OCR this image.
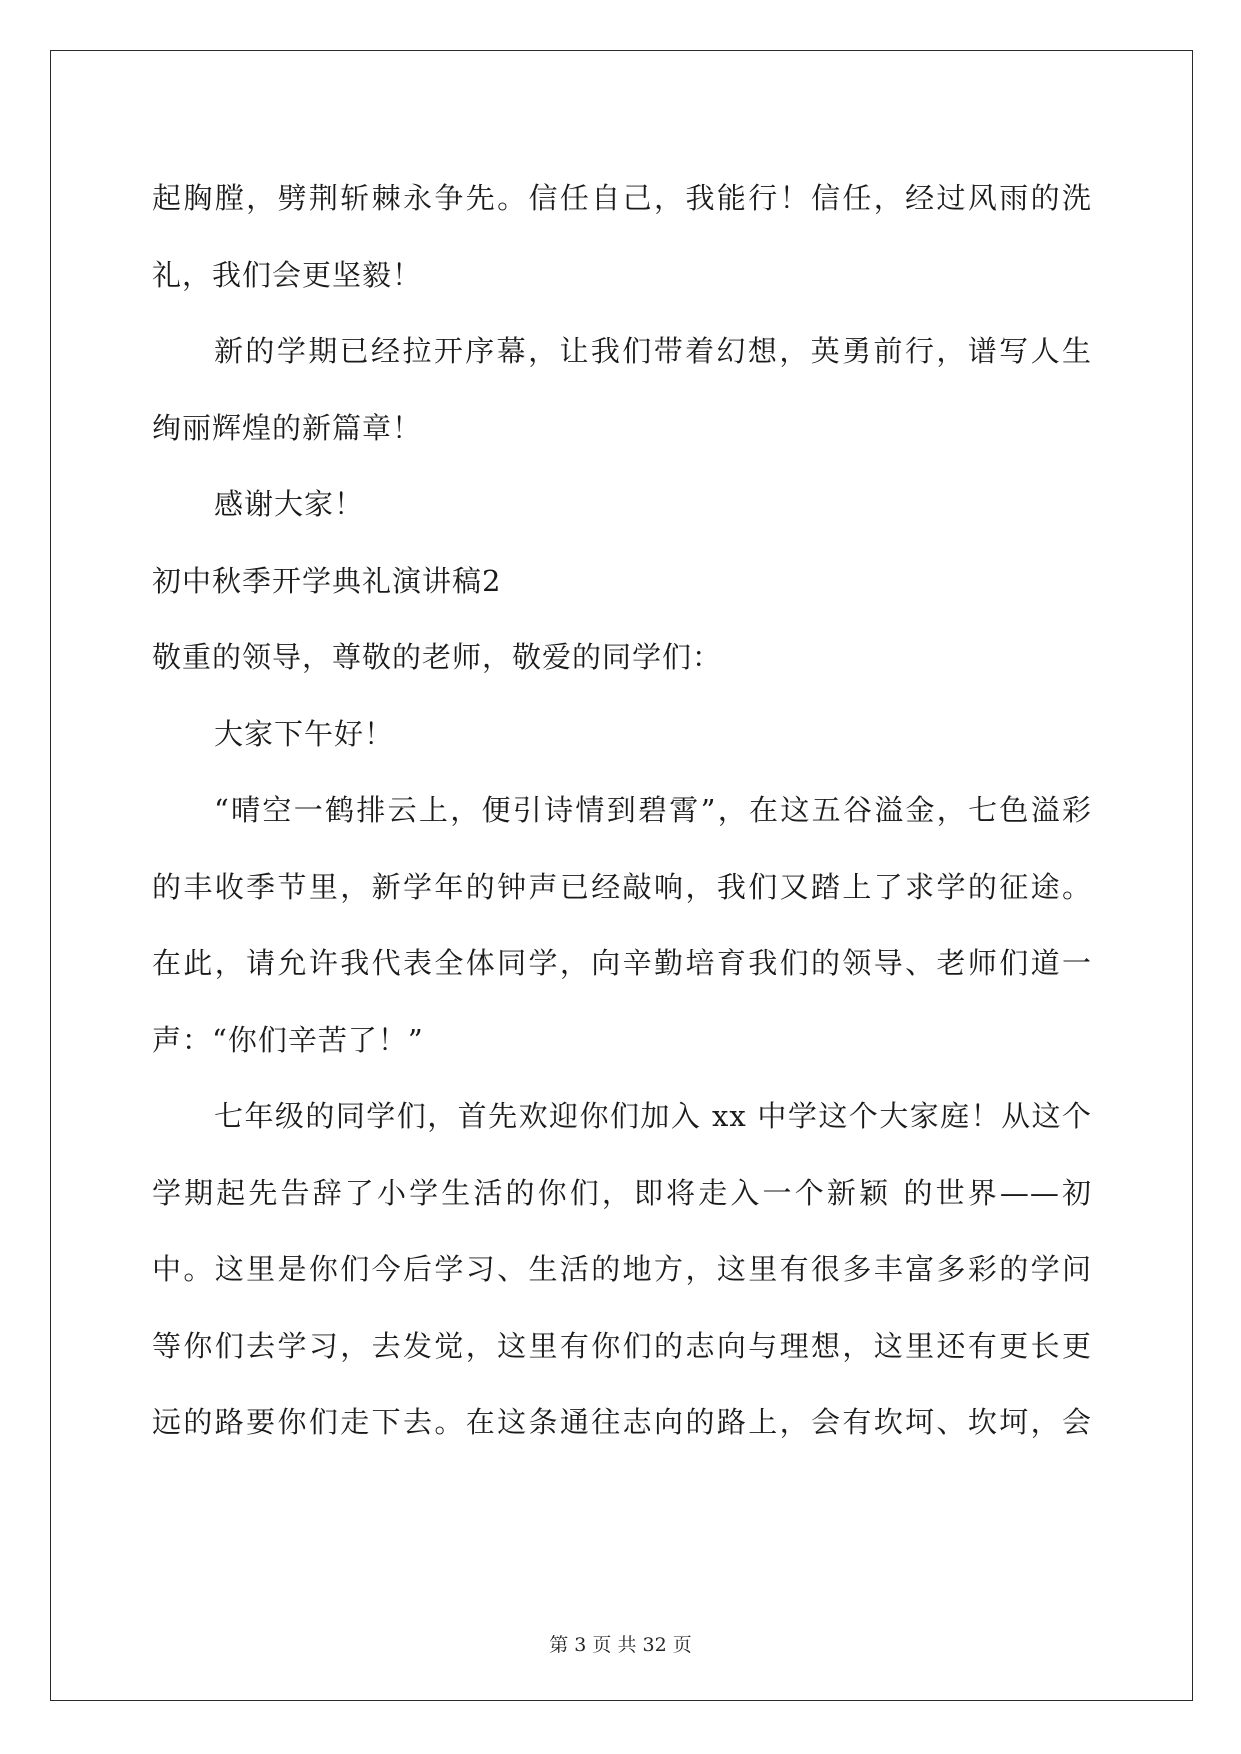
起胸膛，劈荆斩棘永争先。信任自己，我能行！信任，经过风雨的洗
礼，我们会更坚毅！
新的学期已经拉开序幕，让我们带着幻想，英勇前行，谱写人生
绚丽辉煌的新篇章！
感谢大家！
初中秋季开学典礼演讲稿2
敬重的领导，尊敬的老师，敬爱的同学们：
大家下午好！
“晴空一鹤排云上，便引诗情到碧霄”，在这五谷溢金，七色溢彩
的丰收季节里，新学年的钟声已经敲响，我们又踏上了求学的征途。
在此，请允许我代表全体同学，向辛勤培育我们的领导、老师们道一
声：“你们辛苦了！”
七年级的同学们，首先欢迎你们加入 xx 中学这个大家庭！从这个
学期起先告辞了小学生活的你们，即将走入一个新颖 的世界——初
中。这里是你们今后学习、生活的地方，这里有很多丰富多彩的学问
等你们去学习，去发觉，这里有你们的志向与理想，这里还有更长更
远的路要你们走下去。在这条通往志向的路上，会有坎坷、坎坷，会
第 3 页 共 32 页
